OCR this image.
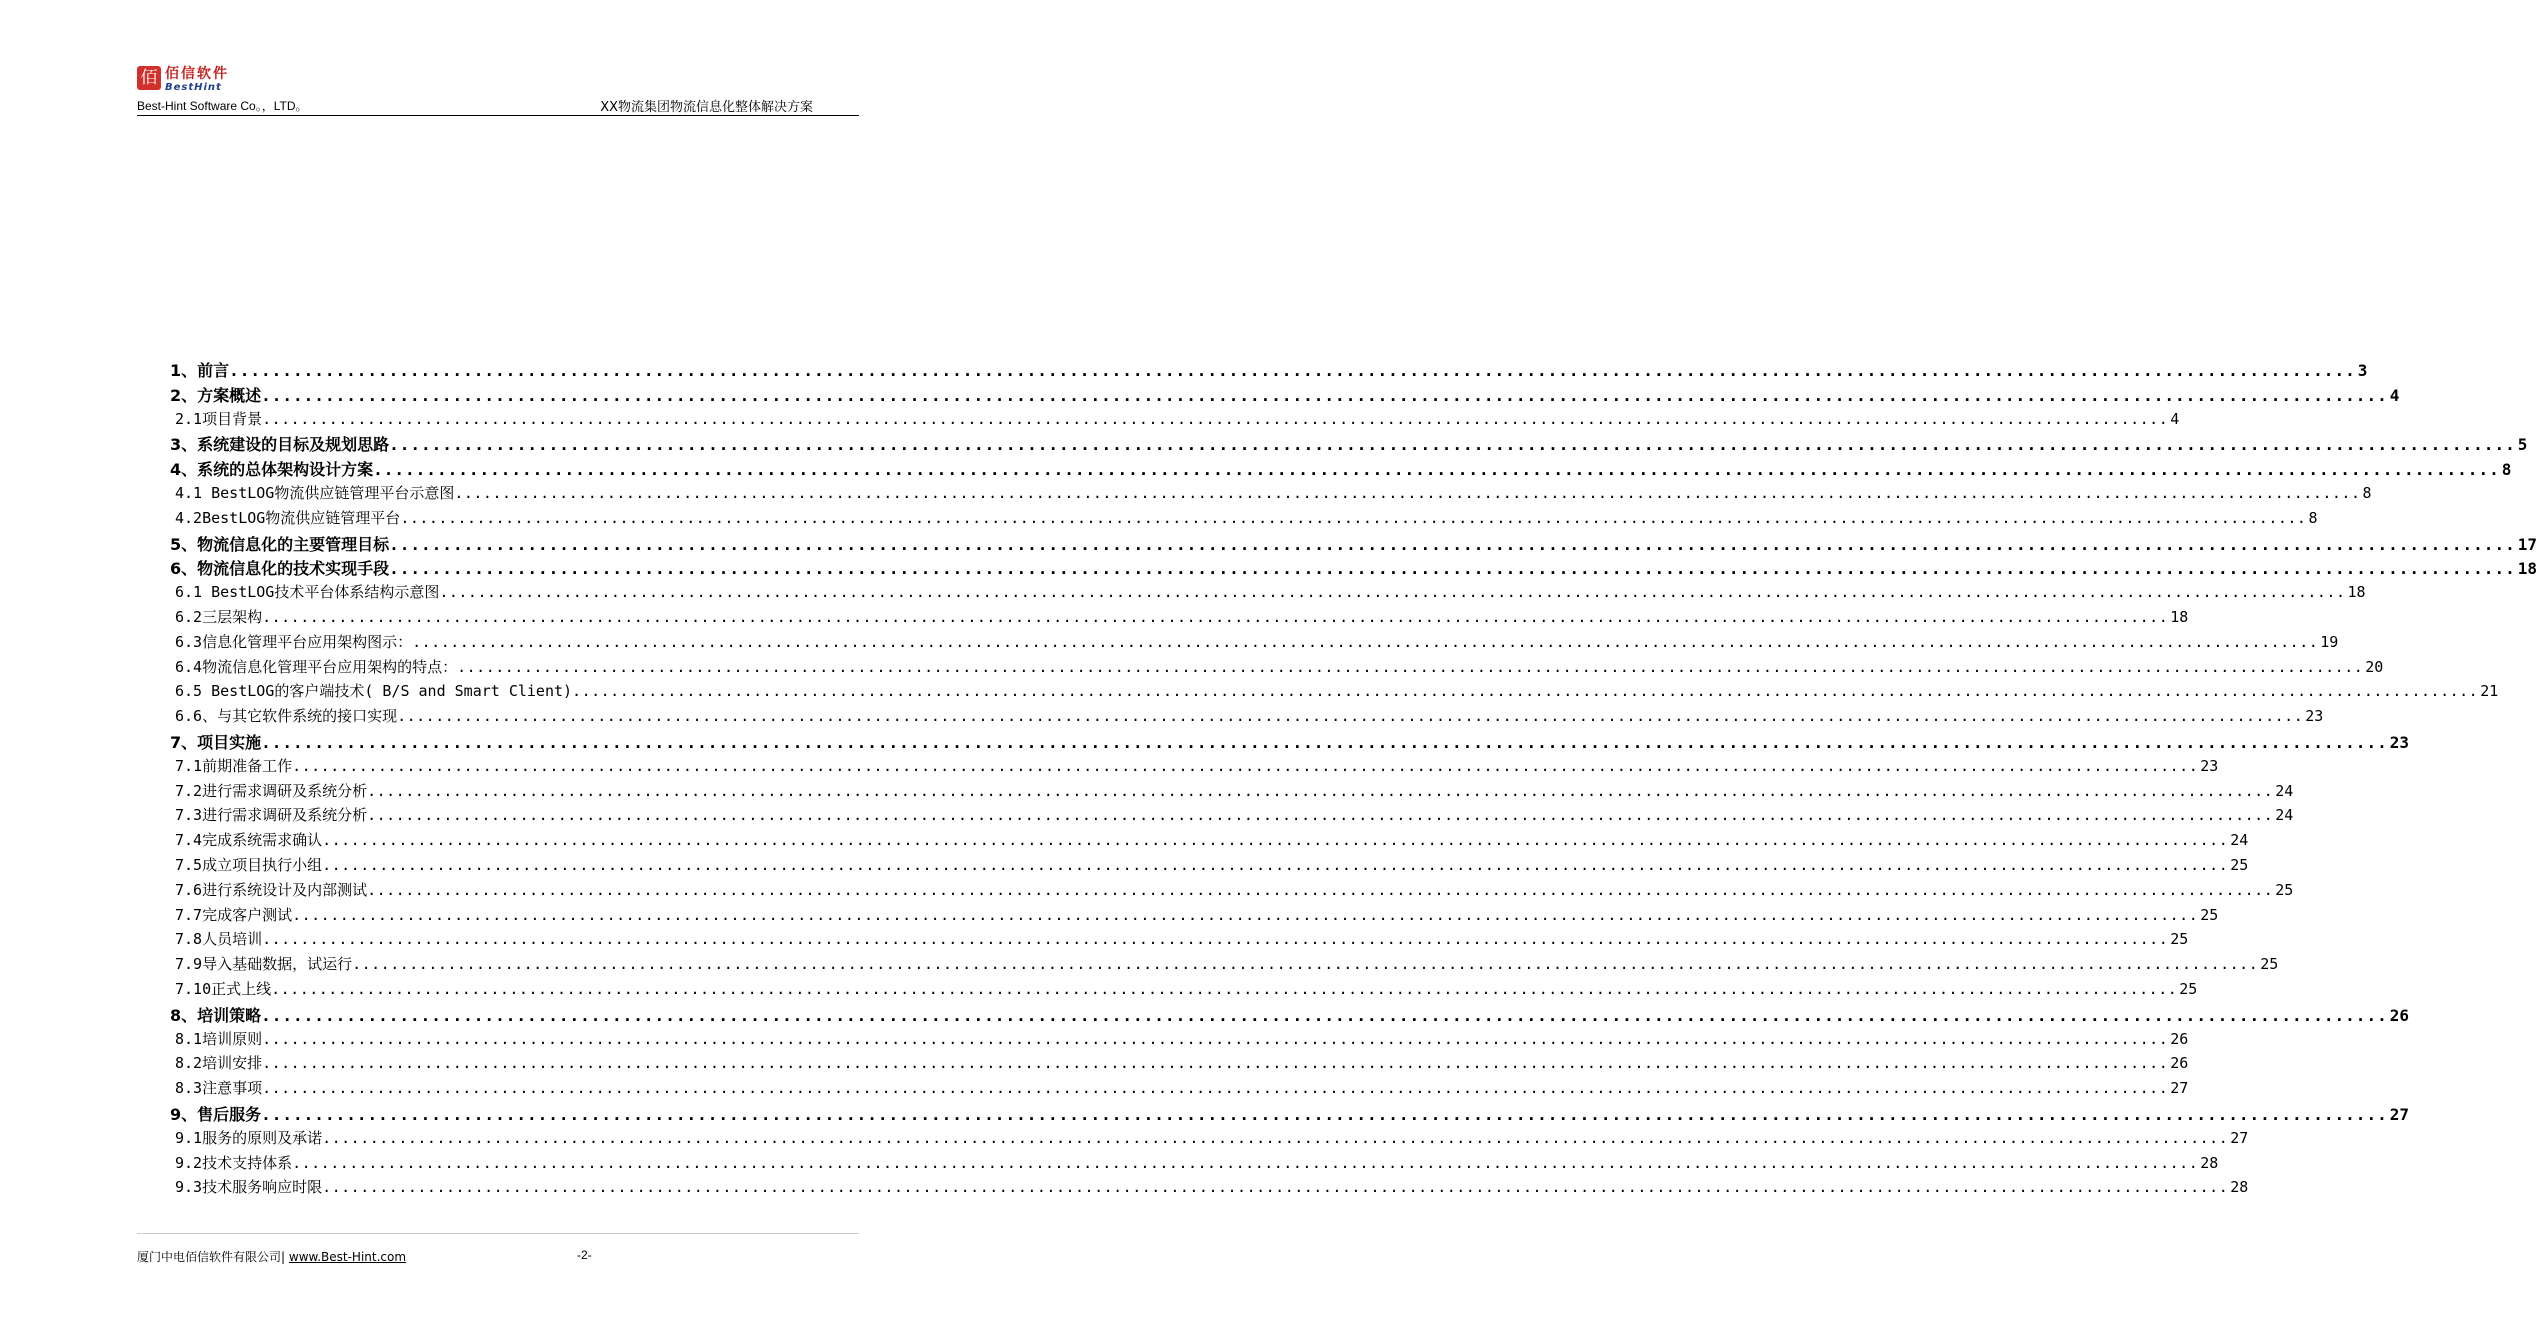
佰 佰信软件
BestHint
Best-Hint Software Co。，LTD。	XX物流集团物流信息化整体解决方案
1、前言 ........................................................................................................................................................................................................ 3
2、方案概述 ........................................................................................................................................................................................................ 4
2.1项目背景 ........................................................................................................................................................................................................ 4
3、系统建设的目标及规划思路 ........................................................................................................................................................................................................ 5
4、系统的总体架构设计方案 ........................................................................................................................................................................................................ 8
4.1 BestLOG物流供应链管理平台示意图 ........................................................................................................................................................................................................ 8
4.2BestLOG物流供应链管理平台 ........................................................................................................................................................................................................ 8
5、物流信息化的主要管理目标 ........................................................................................................................................................................................................ 17
6、物流信息化的技术实现手段 ........................................................................................................................................................................................................ 18
6.1 BestLOG技术平台体系结构示意图 ........................................................................................................................................................................................................ 18
6.2三层架构 ........................................................................................................................................................................................................ 18
6.3信息化管理平台应用架构图示： ........................................................................................................................................................................................................ 19
6.4物流信息化管理平台应用架构的特点： ........................................................................................................................................................................................................ 20
6.5 BestLOG的客户端技术( B/S and Smart Client) ........................................................................................................................................................................................................ 21
6.6、与其它软件系统的接口实现 ........................................................................................................................................................................................................ 23
7、项目实施 ........................................................................................................................................................................................................ 23
7.1前期准备工作 ........................................................................................................................................................................................................ 23
7.2进行需求调研及系统分析 ........................................................................................................................................................................................................ 24
7.3进行需求调研及系统分析 ........................................................................................................................................................................................................ 24
7.4完成系统需求确认 ........................................................................................................................................................................................................ 24
7.5成立项目执行小组 ........................................................................................................................................................................................................ 25
7.6进行系统设计及内部测试 ........................................................................................................................................................................................................ 25
7.7完成客户测试 ........................................................................................................................................................................................................ 25
7.8人员培训 ........................................................................................................................................................................................................ 25
7.9导入基础数据，试运行 ........................................................................................................................................................................................................ 25
7.10正式上线 ........................................................................................................................................................................................................ 25
8、培训策略 ........................................................................................................................................................................................................ 26
8.1培训原则 ........................................................................................................................................................................................................ 26
8.2培训安排 ........................................................................................................................................................................................................ 26
8.3注意事项 ........................................................................................................................................................................................................ 27
9、售后服务 ........................................................................................................................................................................................................ 27
9.1服务的原则及承诺 ........................................................................................................................................................................................................ 27
9.2技术支持体系 ........................................................................................................................................................................................................ 28
9.3技术服务响应时限 ........................................................................................................................................................................................................ 28
厦门中电佰信软件有限公司| www.Best-Hint.com	-2-
